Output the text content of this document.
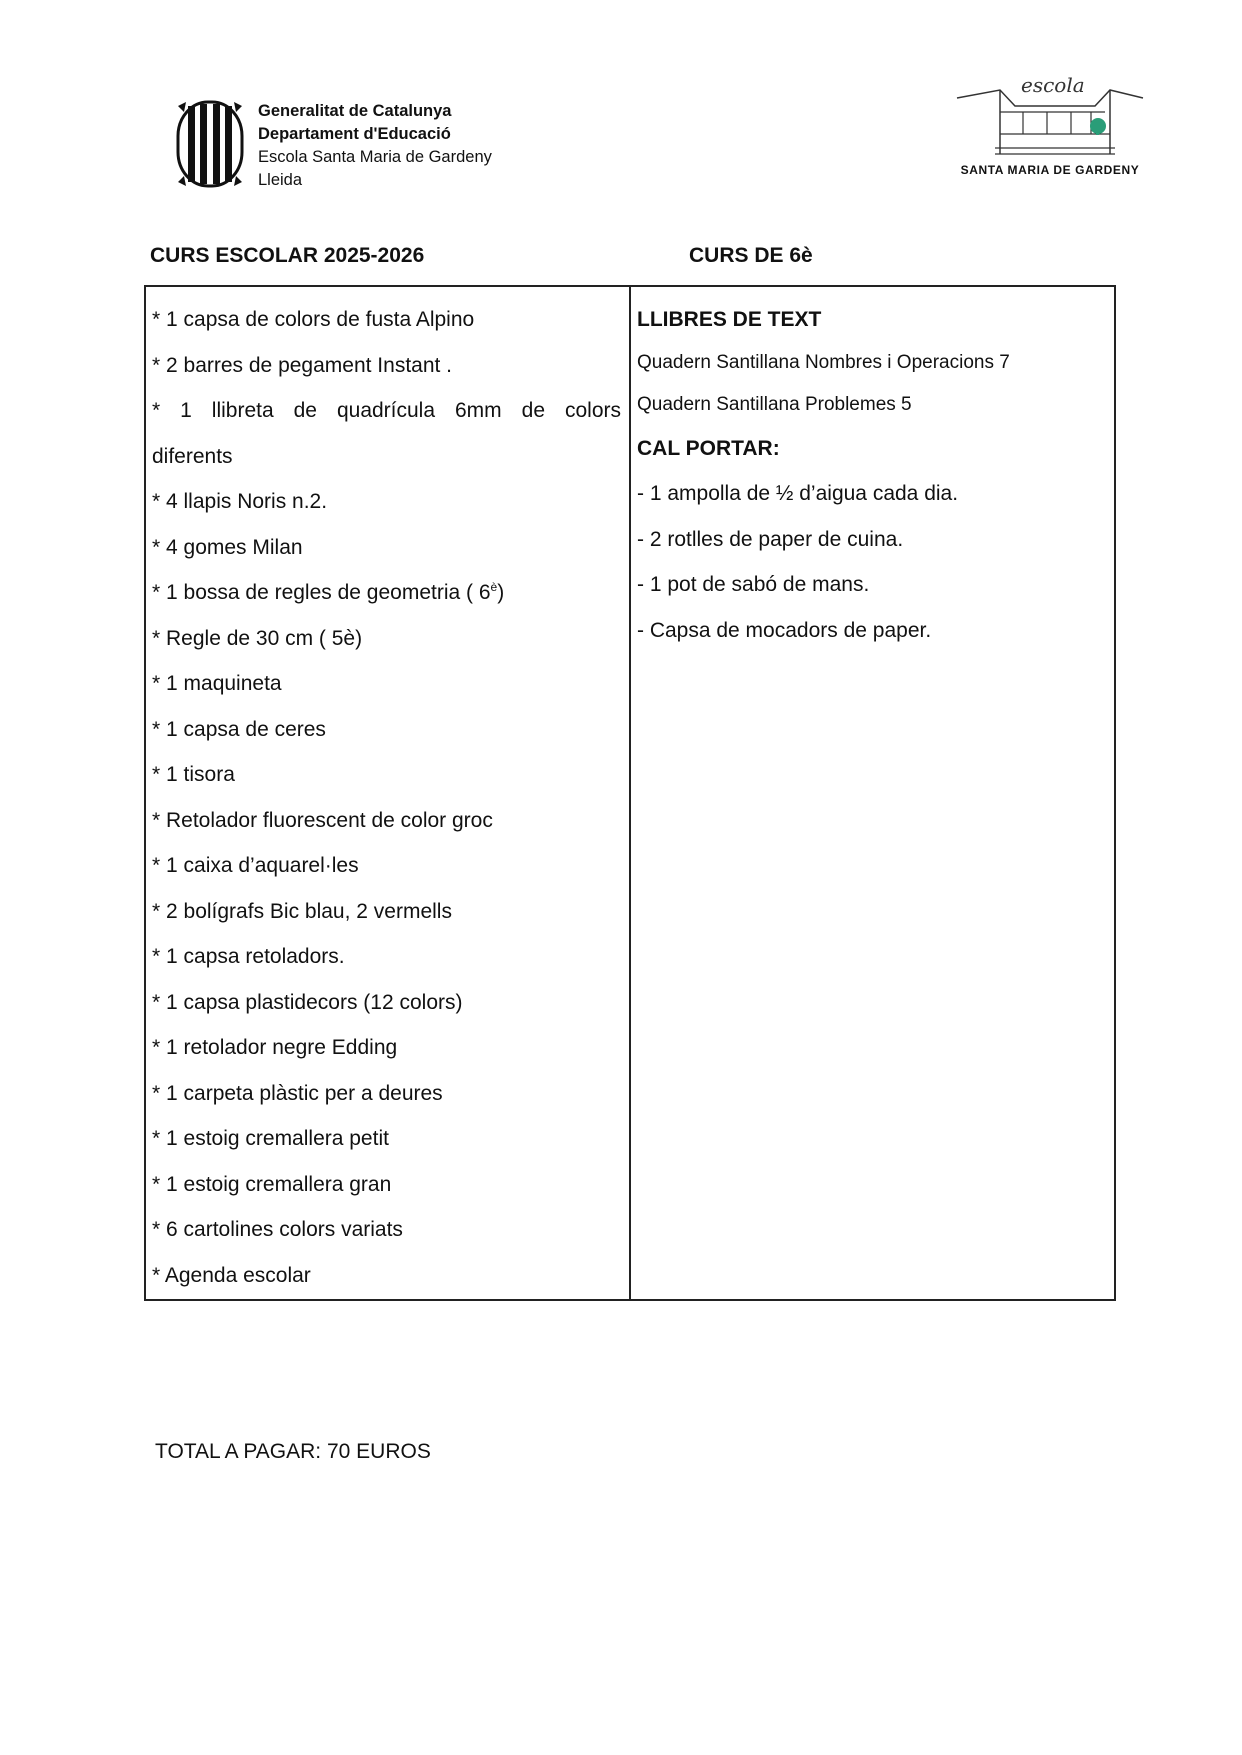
Generalitat de Catalunya
Departament d'Educació
Escola Santa Maria de Gardeny
Lleida
escola
SANTA MARIA DE GARDENY
CURS ESCOLAR 2025-2026	CURS DE 6è
* 1 capsa de colors de fusta Alpino
* 2 barres de pegament Instant .
* 1 llibreta de quadrícula 6mm de colors
diferents
* 4 llapis Noris n.2.
* 4 gomes Milan
* 1 bossa de regles de geometria ( $6^è$)
* Regle de 30 cm ( 5è)
* 1 maquineta
* 1 capsa de ceres
* 1 tisora
* Retolador fluorescent de color groc
* 1 caixa d’aquarel·les
* 2 bolígrafs Bic blau, 2 vermells
* 1 capsa retoladors.
* 1 capsa plastidecors (12 colors)
* 1 retolador negre Edding
* 1 carpeta plàstic per a deures
* 1 estoig cremallera petit
* 1 estoig cremallera gran
* 6 cartolines colors variats
* Agenda escolar
LLIBRES DE TEXT
Quadern Santillana Nombres i Operacions 7
Quadern Santillana Problemes 5
CAL PORTAR:
- 1 ampolla de ½ d’aigua cada dia.
- 2 rotlles de paper de cuina.
- 1 pot de sabó de mans.
- Capsa de mocadors de paper.
TOTAL A PAGAR: 70 EUROS
